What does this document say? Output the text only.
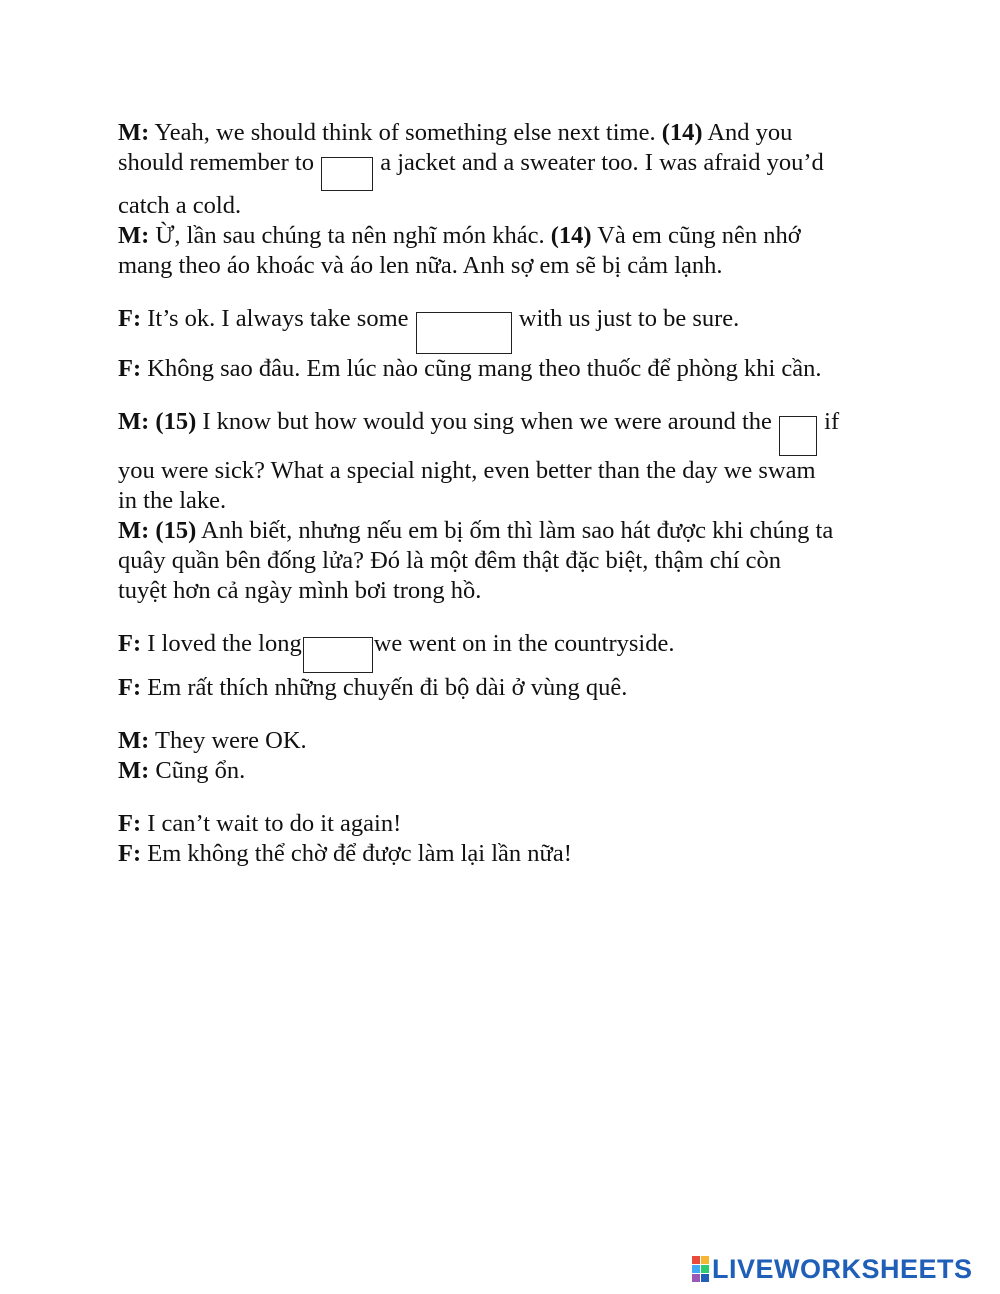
M: Yeah, we should think of something else next time. (14) And you
should remember to  a jacket and a sweater too. I was afraid you’d
catch a cold.
M: Ừ, lần sau chúng ta nên nghĩ món khác. (14) Và em cũng nên nhớ
mang theo áo khoác và áo len nữa. Anh sợ em sẽ bị cảm lạnh.
F: It’s ok. I always take some	with us just to be sure.
F: Không sao đâu. Em lúc nào cũng mang theo thuốc để phòng khi cần.
M: (15) I know but how would you sing when we were around the  if
you were sick? What a special night, even better than the day we swam
in the lake.
M: (15) Anh biết, nhưng nếu em bị ốm thì làm sao hát được khi chúng ta
quây quần bên đống lửa? Đó là một đêm thật đặc biệt, thậm chí còn
tuyệt hơn cả ngày mình bơi trong hồ.
F: I loved the long	we went on in the countryside.
F: Em rất thích những chuyến đi bộ dài ở vùng quê.
M: They were OK.
M: Cũng ổn.
F: I can’t wait to do it again!
F: Em không thể chờ để được làm lại lần nữa!
LIVEWORKSHEETS
